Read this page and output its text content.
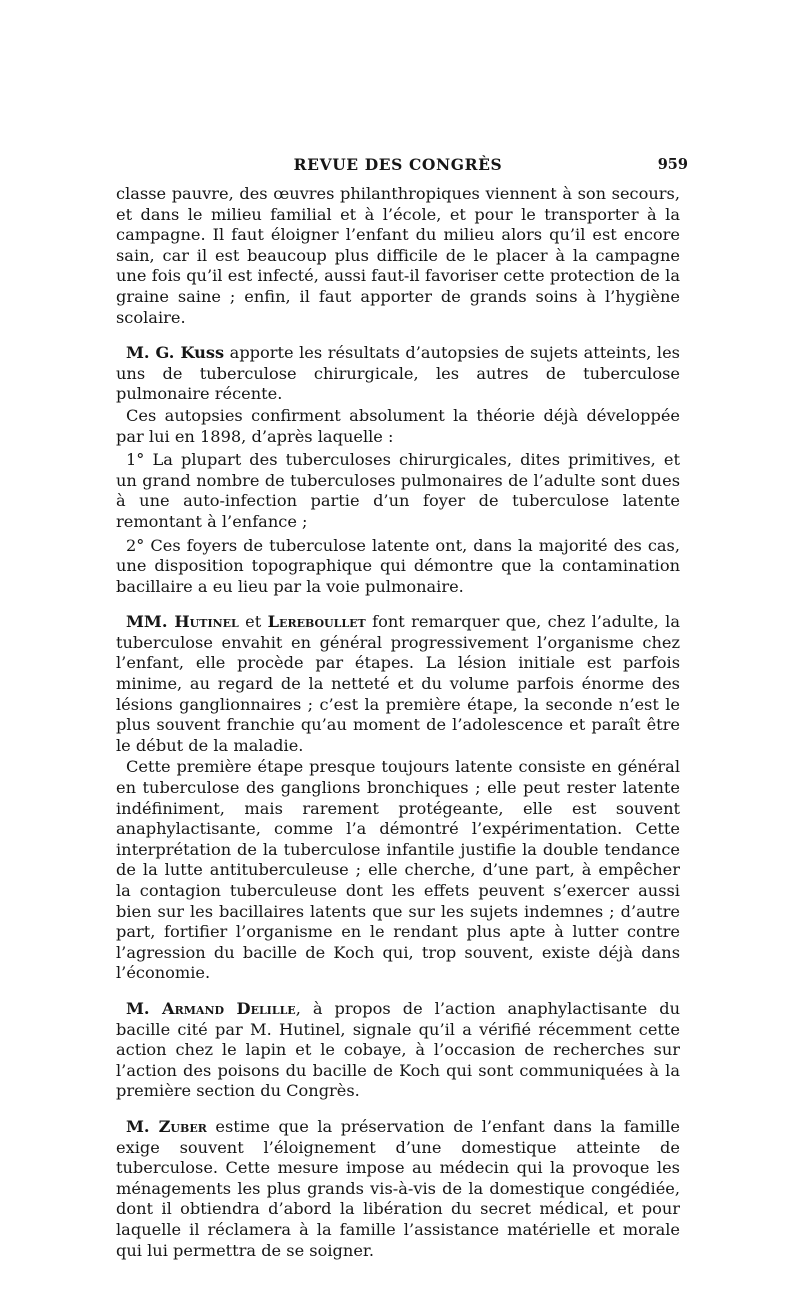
REVUE DES CONGRÈS	959

classe pauvre, des œuvres philanthropiques viennent à son secours, et dans le milieu familial et à l’école, et pour le transporter à la campagne. Il faut éloigner l’enfant du milieu alors qu’il est encore sain, car il est beaucoup plus difficile de le placer à la campagne une fois qu’il est infecté, aussi faut-il favoriser cette protection de la graine saine ; enfin, il faut apporter de grands soins à l’hygiène scolaire.

M. G. Kuss apporte les résultats d’autopsies de sujets atteints, les uns de tuberculose chirurgicale, les autres de tuberculose pulmonaire récente.

Ces autopsies confirment absolument la théorie déjà développée par lui en 1898, d’après laquelle :

1° La plupart des tuberculoses chirurgicales, dites primitives, et un grand nombre de tuberculoses pulmonaires de l’adulte sont dues à une auto-infection partie d’un foyer de tuberculose latente remontant à l’enfance ;

2° Ces foyers de tuberculose latente ont, dans la majorité des cas, une disposition topographique qui démontre que la contamination bacillaire a eu lieu par la voie pulmonaire.

MM. Hutinel et Lereboullet font remarquer que, chez l’adulte, la tuberculose envahit en général progressivement l’organisme chez l’enfant, elle procède par étapes. La lésion initiale est parfois minime, au regard de la netteté et du volume parfois énorme des lésions ganglionnaires ; c’est la première étape, la seconde n’est le plus souvent franchie qu’au moment de l’adolescence et paraît être le début de la maladie.

Cette première étape presque toujours latente consiste en général en tuberculose des ganglions bronchiques ; elle peut rester latente indéfiniment, mais rarement protégeante, elle est souvent anaphylactisante, comme l’a démontré l’expérimentation. Cette interprétation de la tuberculose infantile justifie la double tendance de la lutte antituberculeuse ; elle cherche, d’une part, à empêcher la contagion tuberculeuse dont les effets peuvent s’exercer aussi bien sur les bacillaires latents que sur les sujets indemnes ; d’autre part, fortifier l’organisme en le rendant plus apte à lutter contre l’agression du bacille de Koch qui, trop souvent, existe déjà dans l’économie.

M. Armand Delille, à propos de l’action anaphylactisante du bacille cité par M. Hutinel, signale qu’il a vérifié récemment cette action chez le lapin et le cobaye, à l’occasion de recherches sur l’action des poisons du bacille de Koch qui sont communiquées à la première section du Congrès.

M. Zuber estime que la préservation de l’enfant dans la famille exige souvent l’éloignement d’une domestique atteinte de tuberculose. Cette mesure impose au médecin qui la provoque les ménagements les plus grands vis-à-vis de la domestique congédiée, dont il obtiendra d’abord la libération du secret médical, et pour laquelle il réclamera à la famille l’assistance matérielle et morale qui lui permettra de se soigner.
